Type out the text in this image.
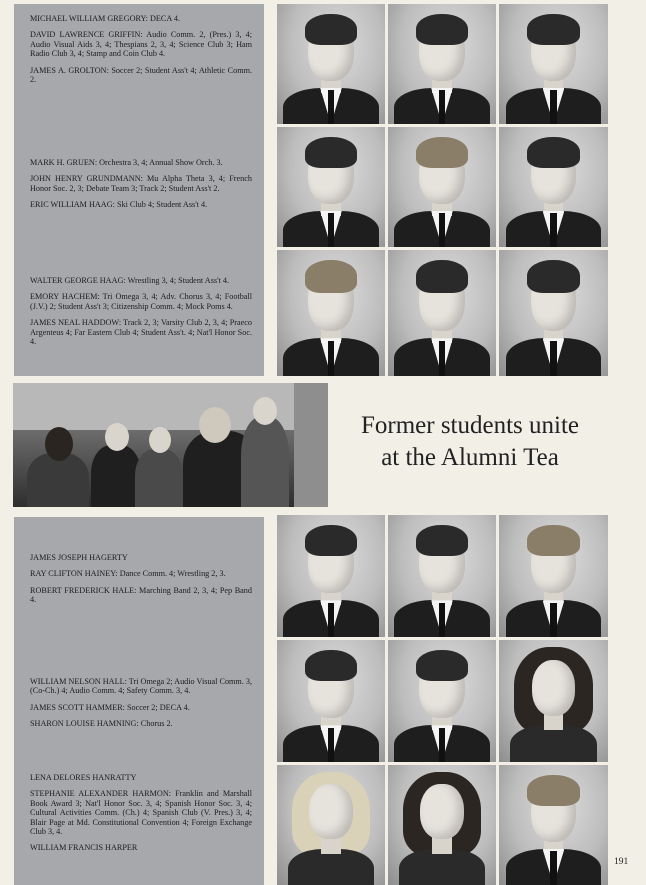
MICHAEL WILLIAM GREGORY: DECA 4.

DAVID LAWRENCE GRIFFIN: Audio Comm. 2, (Pres.) 3, 4; Audio Visual Aids 3, 4; Thespians 2, 3, 4; Science Club 3; Ham Radio Club 3, 4; Stamp and Coin Club 4.

JAMES A. GROLTON: Soccer 2; Student Ass't 4; Athletic Comm. 2.

MARK H. GRUEN: Orchestra 3, 4; Annual Show Orch. 3.

JOHN HENRY GRUNDMANN: Mu Alpha Theta 3, 4; French Honor Soc. 2, 3; Debate Team 3; Track 2; Student Ass't 2.

ERIC WILLIAM HAAG: Ski Club 4; Student Ass't 4.

WALTER GEORGE HAAG: Wrestling 3, 4; Student Ass't 4.

EMORY HACHEM: Tri Omega 3, 4; Adv. Chorus 3, 4; Football (J.V.) 2; Student Ass't 3; Citizenship Comm. 4; Mock Poms 4.

JAMES NEAL HADDOW: Track 2, 3; Varsity Club 2, 3, 4; Praeco Argenteus 4; Far Eastern Club 4; Student Ass't. 4; Nat'l Honor Soc. 4.

Former students unite
at the Alumni Tea

JAMES JOSEPH HAGERTY

RAY CLIFTON HAINEY: Dance Comm. 4; Wrestling 2, 3.

ROBERT FREDERICK HALE: Marching Band 2, 3, 4; Pep Band 4.

WILLIAM NELSON HALL: Tri Omega 2; Audio Visual Comm. 3, (Co-Ch.) 4; Audio Comm. 4; Safety Comm. 3, 4.

JAMES SCOTT HAMMER: Soccer 2; DECA 4.

SHARON LOUISE HAMNING: Chorus 2.

LENA DELORES HANRATTY

STEPHANIE ALEXANDER HARMON: Franklin and Marshall Book Award 3; Nat'l Honor Soc. 3, 4; Spanish Honor Soc. 3, 4; Cultural Activities Comm. (Ch.) 4; Spanish Club (V. Pres.) 3, 4; Blair Page at Md. Constitutional Convention 4; Foreign Exchange Club 3, 4.

WILLIAM FRANCIS HARPER

191
